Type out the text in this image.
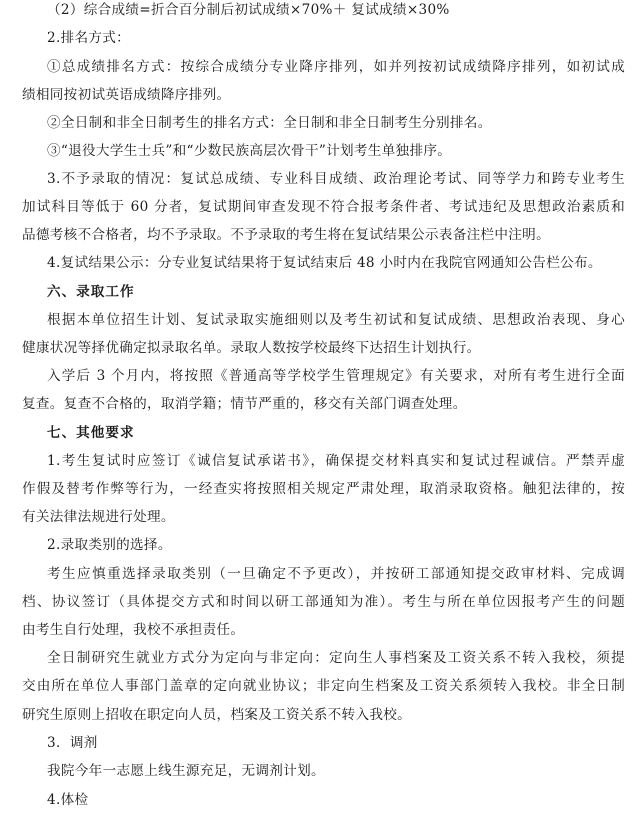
（2）综合成绩=折合百分制后初试成绩×70%＋ 复试成绩×30%
2.排名方式：
①总成绩排名方式：按综合成绩分专业降序排列，如并列按初试成绩降序排列，如初试成
绩相同按初试英语成绩降序排列。
②全日制和非全日制考生的排名方式：全日制和非全日制考生分别排名。
③“退役大学生士兵”和“少数民族高层次骨干”计划考生单独排序。
3.不予录取的情况：复试总成绩、专业科目成绩、政治理论考试、同等学力和跨专业考生
加试科目等低于 60 分者，复试期间审查发现不符合报考条件者、考试违纪及思想政治素质和
品德考核不合格者，均不予录取。不予录取的考生将在复试结果公示表备注栏中注明。
4.复试结果公示：分专业复试结果将于复试结束后 48 小时内在我院官网通知公告栏公布。
六、录取工作
根据本单位招生计划、复试录取实施细则以及考生初试和复试成绩、思想政治表现、身心
健康状况等择优确定拟录取名单。录取人数按学校最终下达招生计划执行。
入学后 3 个月内，将按照《普通高等学校学生管理规定》有关要求，对所有考生进行全面
复查。复查不合格的，取消学籍；情节严重的，移交有关部门调查处理。
七、其他要求
1.考生复试时应签订《诚信复试承诺书》，确保提交材料真实和复试过程诚信。严禁弄虚
作假及替考作弊等行为，一经查实将按照相关规定严肃处理，取消录取资格。触犯法律的，按
有关法律法规进行处理。
2.录取类别的选择。
考生应慎重选择录取类别（一旦确定不予更改），并按研工部通知提交政审材料、完成调
档、协议签订（具体提交方式和时间以研工部通知为准）。考生与所在单位因报考产生的问题
由考生自行处理，我校不承担责任。
全日制研究生就业方式分为定向与非定向：定向生人事档案及工资关系不转入我校，须提
交由所在单位人事部门盖章的定向就业协议；非定向生档案及工资关系须转入我校。非全日制
研究生原则上招收在职定向人员，档案及工资关系不转入我校。
3．调剂
我院今年一志愿上线生源充足，无调剂计划。
4.体检
